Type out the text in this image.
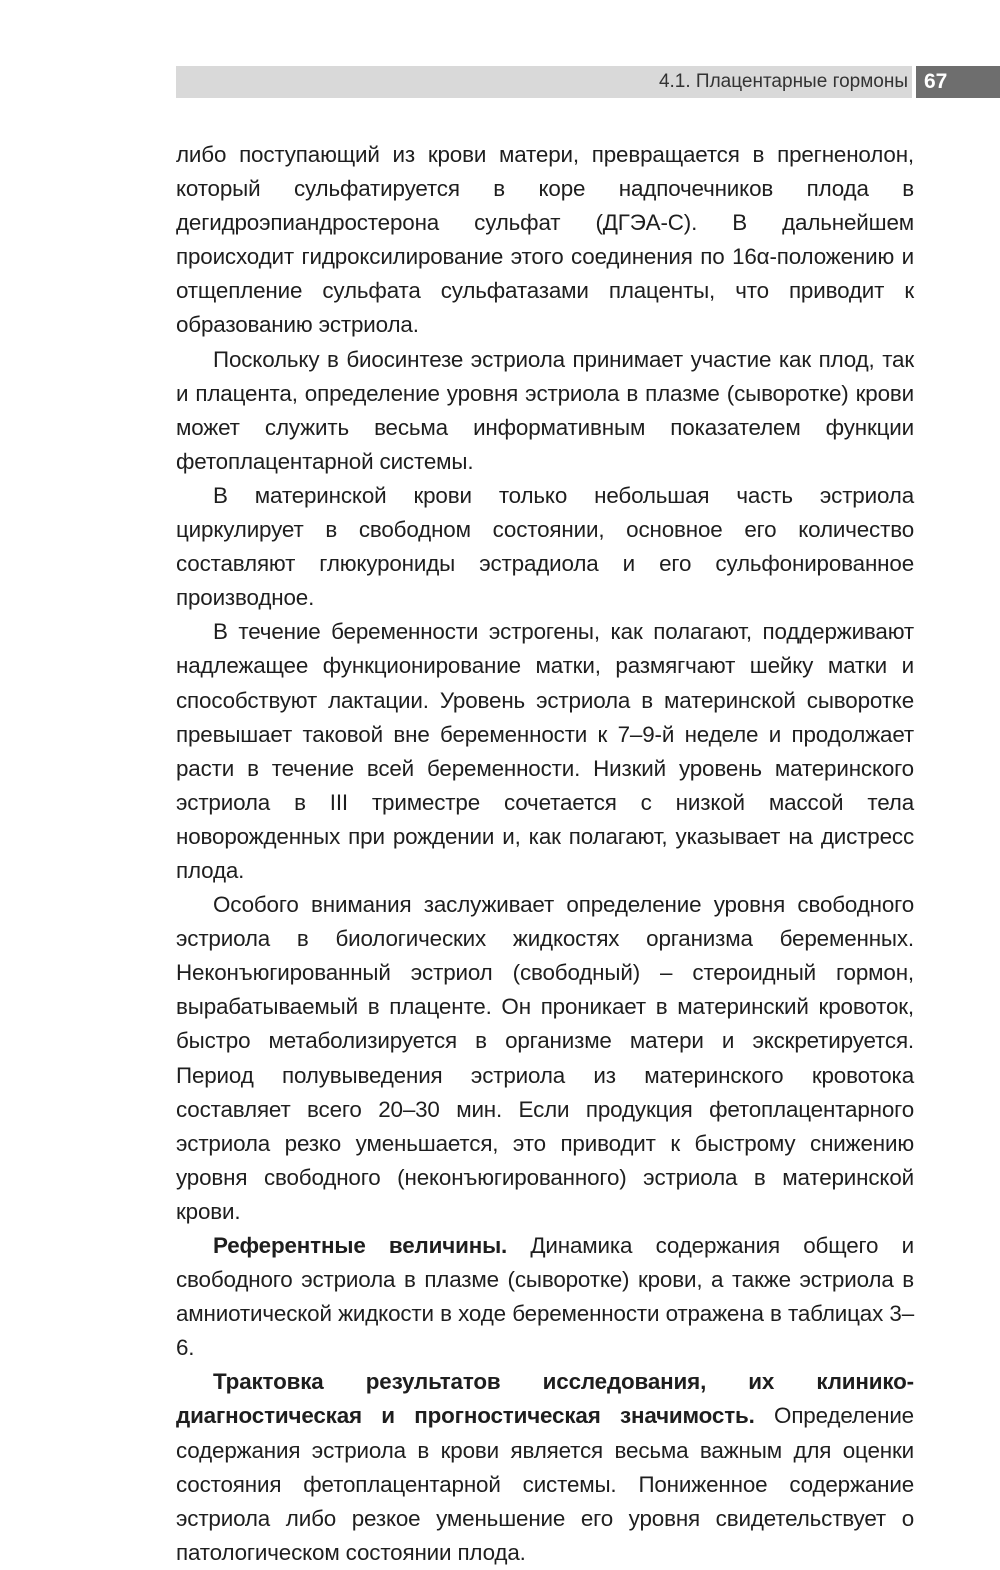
4.1. Плацентарные гормоны 67

либо поступающий из крови матери, превращается в прегненолон, который сульфатируется в коре надпочечников плода в дегидроэпиандростерона сульфат (ДГЭА-С). В дальнейшем происходит гидроксилирование этого соединения по 16α-положению и отщепление сульфата сульфатазами плаценты, что приводит к образованию эстриола.

Поскольку в биосинтезе эстриола принимает участие как плод, так и плацента, определение уровня эстриола в плазме (сыворотке) крови может служить весьма информативным показателем функции фетоплацентарной системы.

В материнской крови только небольшая часть эстриола циркулирует в свободном состоянии, основное его количество составляют глюкурониды эстрадиола и его сульфонированное производное.

В течение беременности эстрогены, как полагают, поддерживают надлежащее функционирование матки, размягчают шейку матки и способствуют лактации. Уровень эстриола в материнской сыворотке превышает таковой вне беременности к 7–9-й неделе и продолжает расти в течение всей беременности. Низкий уровень материнского эстриола в III триместре сочетается с низкой массой тела новорожденных при рождении и, как полагают, указывает на дистресс плода.

Особого внимания заслуживает определение уровня свободного эстриола в биологических жидкостях организма беременных. Неконъюгированный эстриол (свободный) – стероидный гормон, вырабатываемый в плаценте. Он проникает в материнский кровоток, быстро метаболизируется в организме матери и экскретируется. Период полувыведения эстриола из материнского кровотока составляет всего 20–30 мин. Если продукция фетоплацентарного эстриола резко уменьшается, это приводит к быстрому снижению уровня свободного (неконъюгированного) эстриола в материнской крови.

Референтные величины. Динамика содержания общего и свободного эстриола в плазме (сыворотке) крови, а также эстриола в амниотической жидкости в ходе беременности отражена в таблицах 3–6.

Трактовка результатов исследования, их клинико-диагностическая и прогностическая значимость. Определение содержания эстриола в крови является весьма важным для оценки состояния фетоплацентарной системы. Пониженное содержание эстриола либо резкое уменьшение его уровня свидетельствует о патологическом состоянии плода.
